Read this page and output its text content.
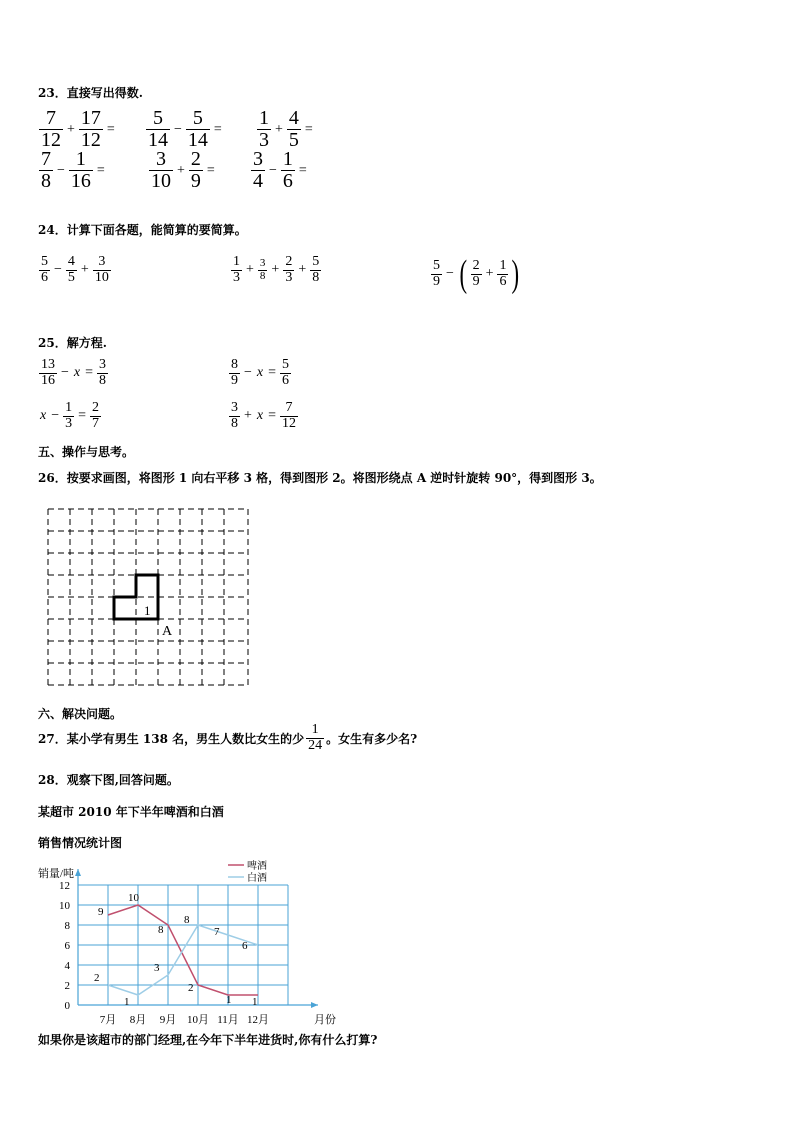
23．直接写出得数.
$\frac{7}{12} + \frac{17}{12} = \frac{5}{14} - \frac{5}{14} = \frac{1}{3} + \frac{4}{5}$ =
$\frac{7}{8} - \frac{1}{16} = \frac{3}{10} + \frac{2}{9} = \frac{3}{4} - \frac{1}{6}$ =
24．计算下面各题，能简算的要简算。
$\frac{5}{6} - \frac{4}{5} + \frac{3}{10}$	$\frac{1}{3} + \frac{3}{8} + \frac{2}{3} + \frac{5}{8}$	$\frac{5}{9}$ − ( $\frac{2}{9} + \frac{1}{6}$ )
25．解方程.
$\frac{13}{16} - x = \frac{3}{8}$	$\frac{8}{9} - x = \frac{5}{6}$
$x - \frac{1}{3} = \frac{2}{7}$	$\frac{3}{8} + x = \frac{7}{12}$
五、操作与思考。
26．按要求画图，将图形 1 向右平移 3 格，得到图形 2。将图形绕点 A 逆时针旋转 90°，得到图形 3。
1
A
六、解决问题。
27．某小学有男生 138 名，男生人数比女生的少 $\frac{1}{24}$ 。女生有多少名?
28．观察下图,回答问题。
某超市 2010 年下半年啤酒和白酒
销售情况统计图
0
2
4
6
8
10
12
7月 8月 9月 10月 11月 12月
销量/吨
月份
9
10
8
2
1 1
2
1
3
8
7
6
啤酒
白酒
如果你是该超市的部门经理,在今年下半年进货时,你有什么打算?
